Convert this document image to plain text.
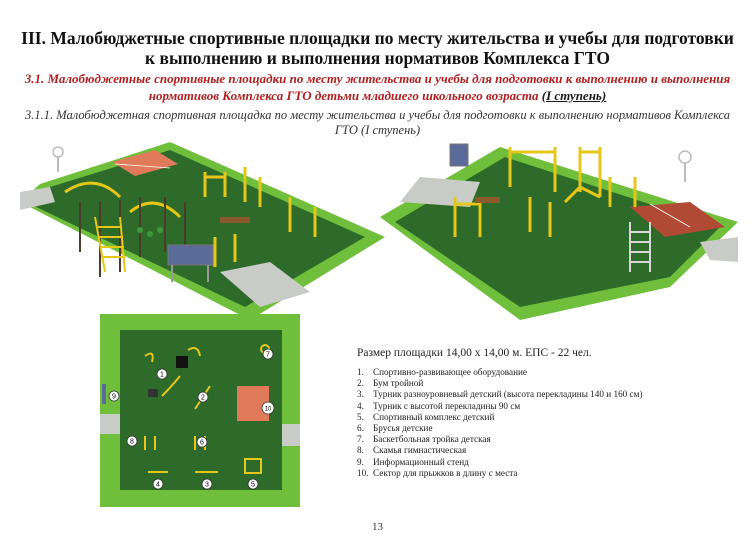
III. Малобюджетные спортивные площадки по месту жительства и учебы для подготовки к выполнению и выполнения нормативов Комплекса ГТО
3.1. Малобюджетные спортивные площадки по месту жительства и учебы для подготовки к выполнению и выполнения нормативов Комплекса ГТО детьми младшего школьного возраста (I ступень)
3.1.1. Малобюджетная спортивная площадка по месту жительства и учебы для подготовки к выполнению нормативов Комплекса ГТО (I ступень)
1
2
3
4	5
6
7
8
9
10
Размер площадки 14,00 х 14,00 м. ЕПС - 22 чел.
1. Спортивно-развивающее оборудование
2. Бум тройной
3. Турник разноуровневый детский (высота перекладины 140 и 160 см)
4. Турник с высотой перекладины 90 см
5. Спортивный комплекс детский
6. Брусья детские
7. Баскетбольная тройка детская
8. Скамья гимнастическая
9. Информационный стенд
10. Сектор для прыжков в длину с места
13
